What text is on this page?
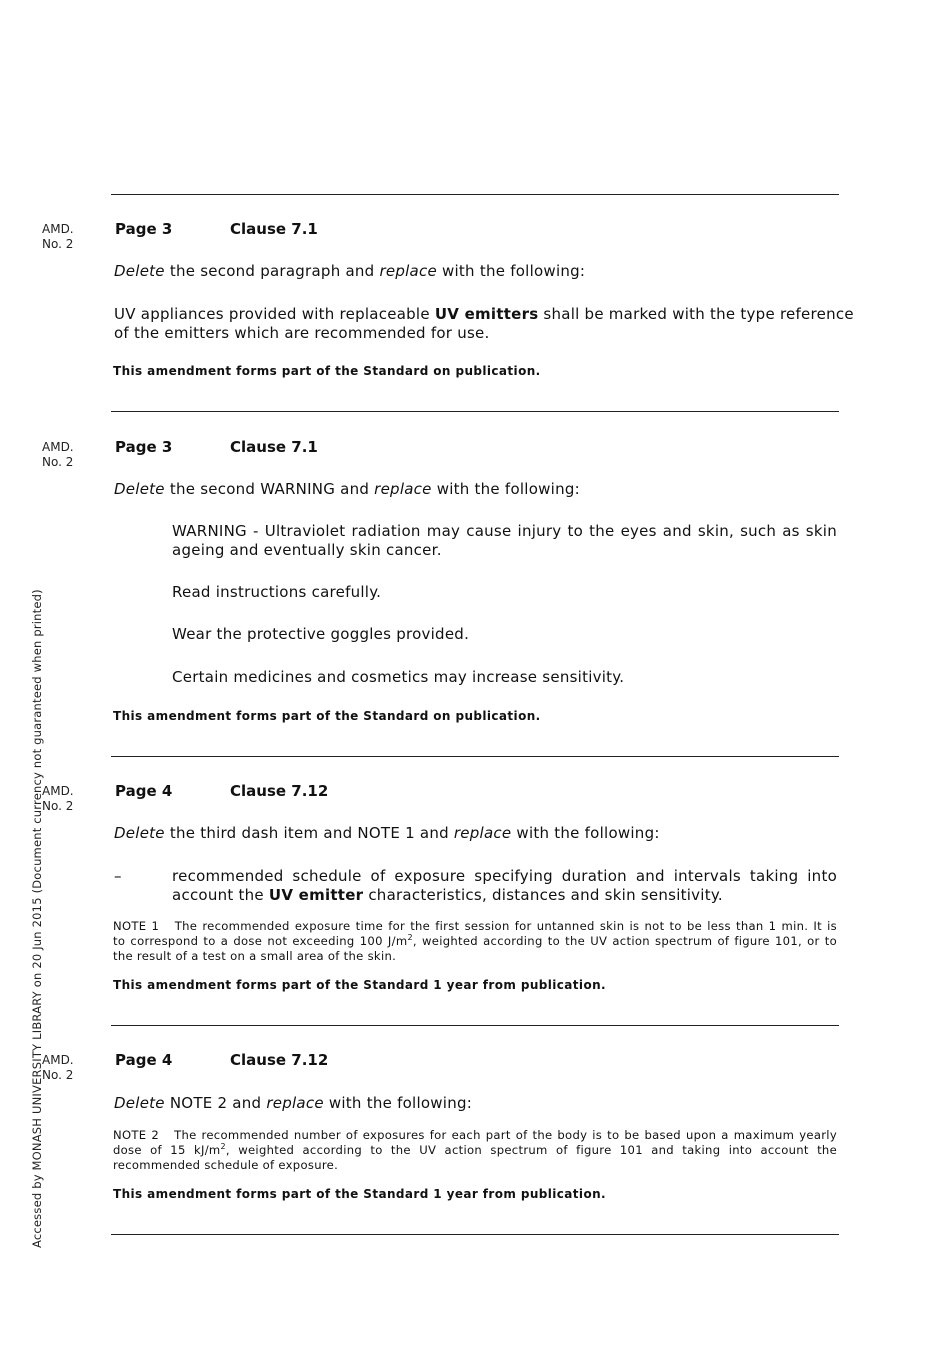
Accessed by MONASH UNIVERSITY LIBRARY on 20 Jun 2015 (Document currency not guaranteed when printed)
AMD.
No. 2
Page 3	Clause 7.1
Delete the second paragraph and replace with the following:
UV appliances provided with replaceable UV emitters shall be marked with the type reference
of the emitters which are recommended for use.
This amendment forms part of the Standard on publication.
AMD.
No. 2
Page 3	Clause 7.1
Delete the second WARNING and replace with the following:
WARNING - Ultraviolet radiation may cause injury to the eyes and skin, such as skin
ageing and eventually skin cancer.
Read instructions carefully.
Wear the protective goggles provided.
Certain medicines and cosmetics may increase sensitivity.
This amendment forms part of the Standard on publication.
AMD.
No. 2
Page 4	Clause 7.12
Delete the third dash item and NOTE 1 and replace with the following:
–	recommended schedule of exposure specifying duration and intervals taking into
account the UV emitter characteristics, distances and skin sensitivity.
NOTE 1 The recommended exposure time for the first session for untanned skin is not to be less than 1 min. It is
to correspond to a dose not exceeding 100 $J/m^2$, weighted according to the UV action spectrum of figure 101, or to
the result of a test on a small area of the skin.
This amendment forms part of the Standard 1 year from publication.
AMD.
No. 2
Page 4	Clause 7.12
Delete NOTE 2 and replace with the following:
NOTE 2 The recommended number of exposures for each part of the body is to be based upon a maximum yearly
dose of 15 $kJ/m^2$, weighted according to the UV action spectrum of figure 101 and taking into account the
recommended schedule of exposure.
This amendment forms part of the Standard 1 year from publication.
